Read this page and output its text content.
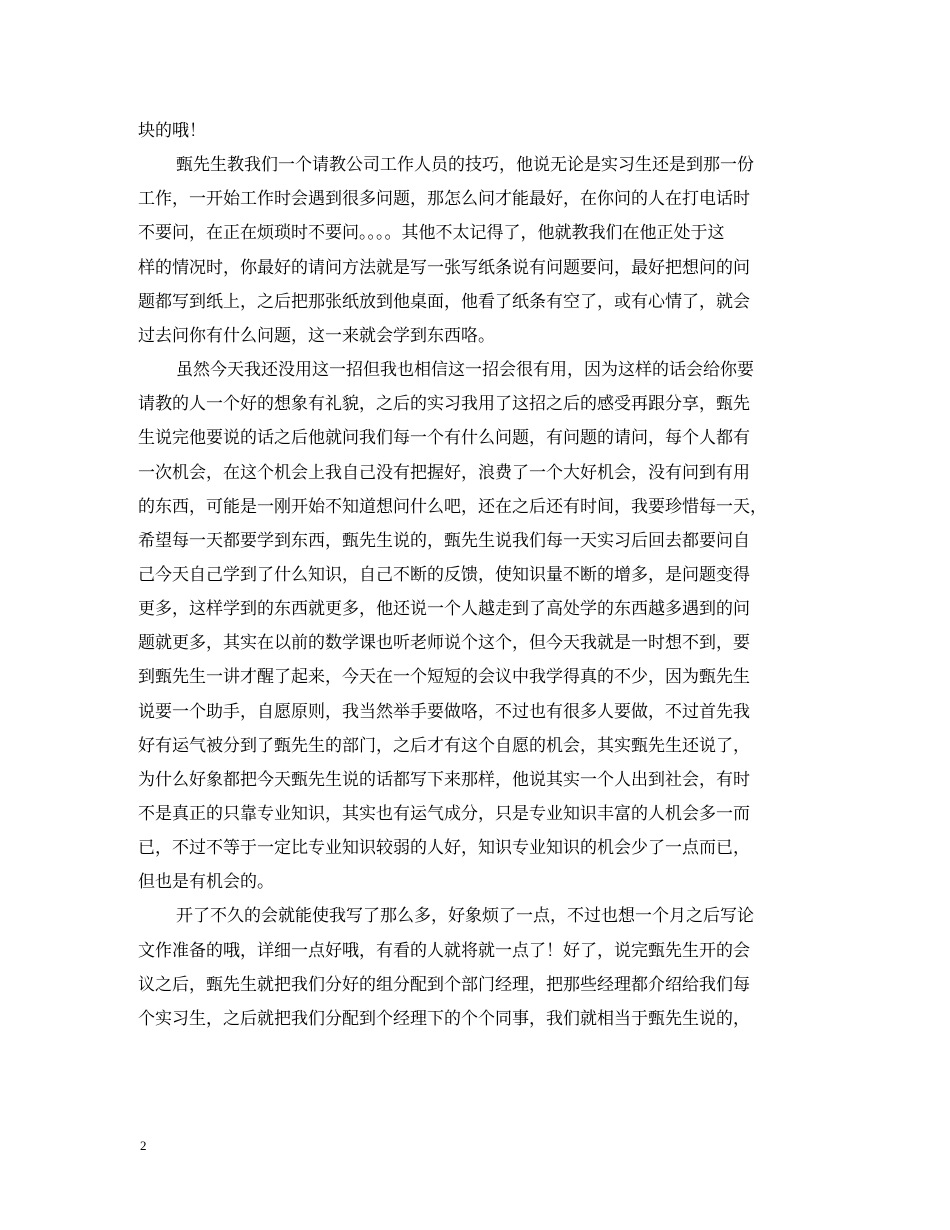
块的哦！
甄先生教我们一个请教公司工作人员的技巧，他说无论是实习生还是到那一份
工作，一开始工作时会遇到很多问题，那怎么问才能最好，在你问的人在打电话时
不要问，在正在烦琐时不要问。。。。其他不太记得了，他就教我们在他正处于这
样的情况时，你最好的请问方法就是写一张写纸条说有问题要问，最好把想问的问
题都写到纸上，之后把那张纸放到他桌面，他看了纸条有空了，或有心情了，就会
过去问你有什么问题，这一来就会学到东西咯。
虽然今天我还没用这一招但我也相信这一招会很有用，因为这样的话会给你要
请教的人一个好的想象有礼貌，之后的实习我用了这招之后的感受再跟分享，甄先
生说完他要说的话之后他就问我们每一个有什么问题，有问题的请问，每个人都有
一次机会，在这个机会上我自己没有把握好，浪费了一个大好机会，没有问到有用
的东西，可能是一刚开始不知道想问什么吧，还在之后还有时间，我要珍惜每一天，
希望每一天都要学到东西，甄先生说的，甄先生说我们每一天实习后回去都要问自
己今天自己学到了什么知识，自己不断的反馈，使知识量不断的增多，是问题变得
更多，这样学到的东西就更多，他还说一个人越走到了高处学的东西越多遇到的问
题就更多，其实在以前的数学课也听老师说个这个，但今天我就是一时想不到，要
到甄先生一讲才醒了起来，今天在一个短短的会议中我学得真的不少，因为甄先生
说要一个助手，自愿原则，我当然举手要做咯，不过也有很多人要做，不过首先我
好有运气被分到了甄先生的部门，之后才有这个自愿的机会，其实甄先生还说了，
为什么好象都把今天甄先生说的话都写下来那样，他说其实一个人出到社会，有时
不是真正的只靠专业知识，其实也有运气成分，只是专业知识丰富的人机会多一而
已，不过不等于一定比专业知识较弱的人好，知识专业知识的机会少了一点而已，
但也是有机会的。
开了不久的会就能使我写了那么多，好象烦了一点，不过也想一个月之后写论
文作准备的哦，详细一点好哦，有看的人就将就一点了！好了，说完甄先生开的会
议之后，甄先生就把我们分好的组分配到个部门经理，把那些经理都介绍给我们每
个实习生，之后就把我们分配到个经理下的个个同事，我们就相当于甄先生说的，
2
